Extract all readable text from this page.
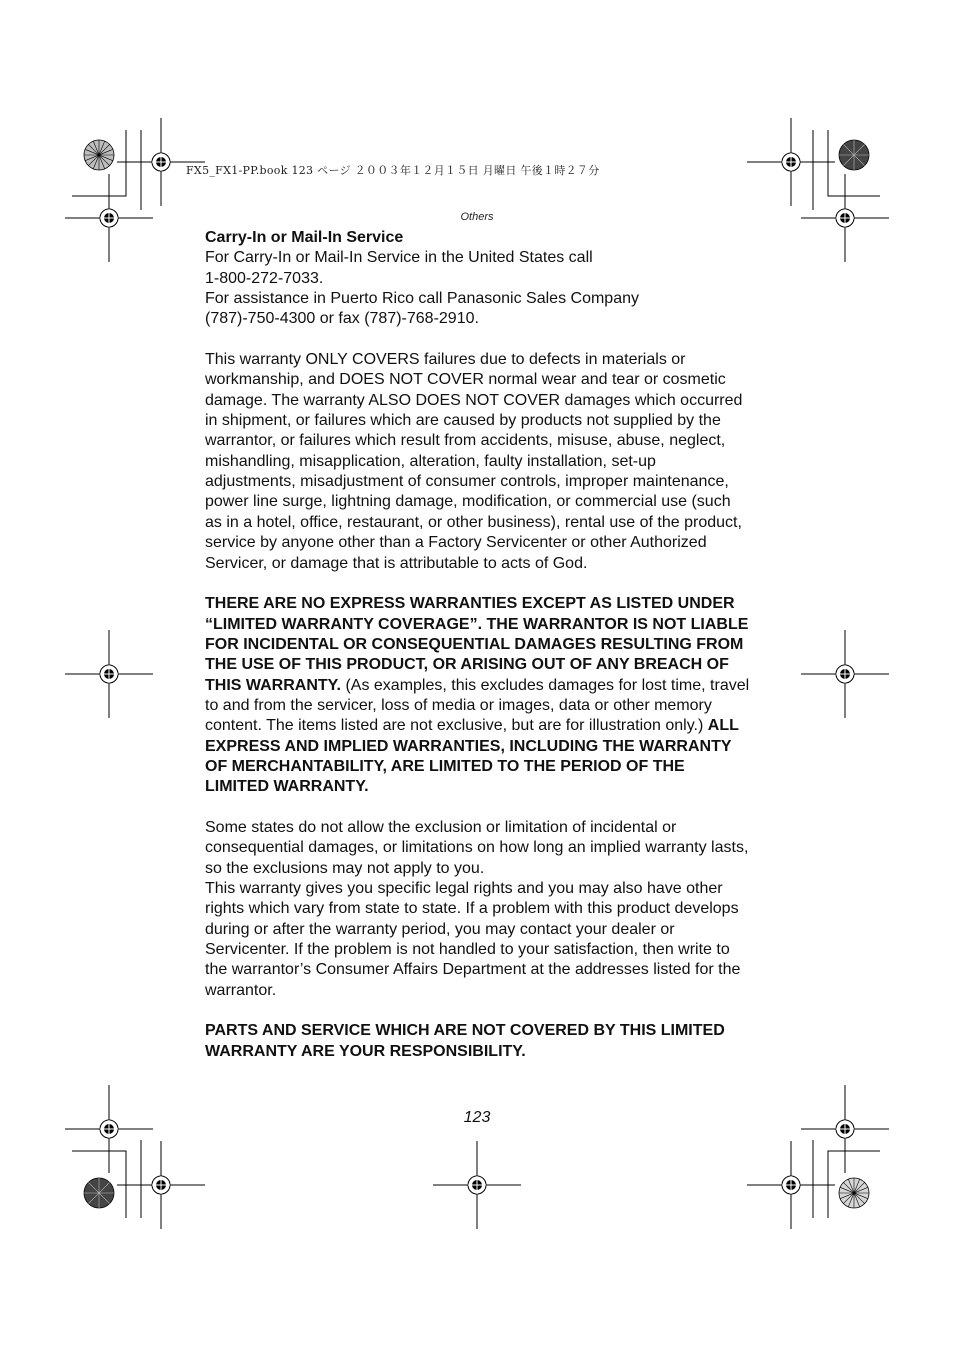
FX5_FX1-PP.book 123 ページ ２００３年１２月１５日 月曜日 午後１時２７分
Others

Carry-In or Mail-In Service
For Carry-In or Mail-In Service in the United States call
1-800-272-7033.
For assistance in Puerto Rico call Panasonic Sales Company
(787)-750-4300 or fax (787)-768-2910.

This warranty ONLY COVERS failures due to defects in materials or workmanship, and DOES NOT COVER normal wear and tear or cosmetic damage. The warranty ALSO DOES NOT COVER damages which occurred in shipment, or failures which are caused by products not supplied by the warrantor, or failures which result from accidents, misuse, abuse, neglect, mishandling, misapplication, alteration, faulty installation, set-up adjustments, misadjustment of consumer controls, improper maintenance, power line surge, lightning damage, modification, or commercial use (such as in a hotel, office, restaurant, or other business), rental use of the product, service by anyone other than a Factory Servicenter or other Authorized Servicer, or damage that is attributable to acts of God.

THERE ARE NO EXPRESS WARRANTIES EXCEPT AS LISTED UNDER “LIMITED WARRANTY COVERAGE”. THE WARRANTOR IS NOT LIABLE FOR INCIDENTAL OR CONSEQUENTIAL DAMAGES RESULTING FROM THE USE OF THIS PRODUCT, OR ARISING OUT OF ANY BREACH OF THIS WARRANTY. (As examples, this excludes damages for lost time, travel to and from the servicer, loss of media or images, data or other memory content. The items listed are not exclusive, but are for illustration only.) ALL EXPRESS AND IMPLIED WARRANTIES, INCLUDING THE WARRANTY OF MERCHANTABILITY, ARE LIMITED TO THE PERIOD OF THE LIMITED WARRANTY.

Some states do not allow the exclusion or limitation of incidental or consequential damages, or limitations on how long an implied warranty lasts, so the exclusions may not apply to you.

This warranty gives you specific legal rights and you may also have other rights which vary from state to state. If a problem with this product develops during or after the warranty period, you may contact your dealer or Servicenter. If the problem is not handled to your satisfaction, then write to the warrantor’s Consumer Affairs Department at the addresses listed for the warrantor.

PARTS AND SERVICE WHICH ARE NOT COVERED BY THIS LIMITED WARRANTY ARE YOUR RESPONSIBILITY.

123
